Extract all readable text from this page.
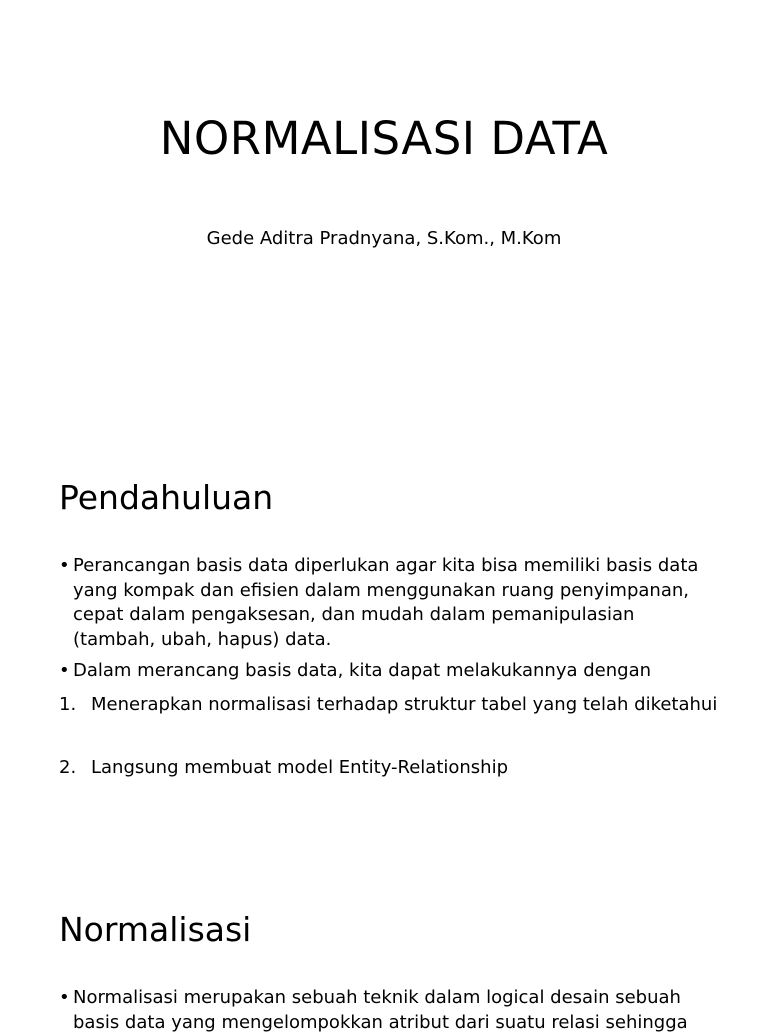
NORMALISASI DATA
Gede Aditra Pradnyana, S.Kom., M.Kom
Pendahuluan
• Perancangan basis data diperlukan agar kita bisa memiliki basis data yang kompak dan efisien dalam menggunakan ruang penyimpanan, cepat dalam pengaksesan, dan mudah dalam pemanipulasian (tambah, ubah, hapus) data.
• Dalam merancang basis data, kita dapat melakukannya dengan
1. Menerapkan normalisasi terhadap struktur tabel yang telah diketahui
2. Langsung membuat model Entity-Relationship
Normalisasi
• Normalisasi merupakan sebuah teknik dalam logical desain sebuah basis data yang mengelompokkan atribut dari suatu relasi sehingga
